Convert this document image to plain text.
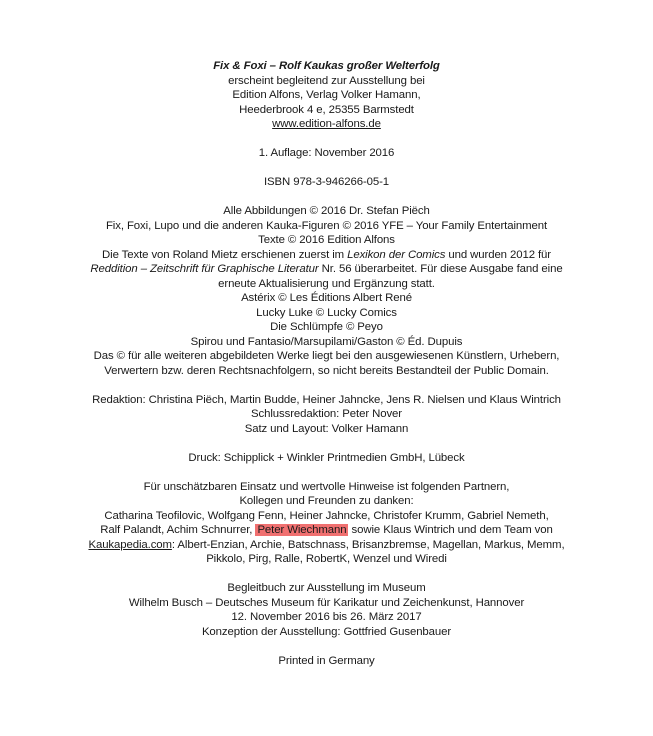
Fix & Foxi – Rolf Kaukas großer Welterfolg
erscheint begleitend zur Ausstellung bei
Edition Alfons, Verlag Volker Hamann,
Heederbrook 4 e, 25355 Barmstedt
www.edition-alfons.de
1. Auflage: November 2016
ISBN 978-3-946266-05-1
Alle Abbildungen © 2016 Dr. Stefan Piëch
Fix, Foxi, Lupo und die anderen Kauka-Figuren © 2016 YFE – Your Family Entertainment
Texte © 2016 Edition Alfons
Die Texte von Roland Mietz erschienen zuerst im Lexikon der Comics und wurden 2012 für
Reddition – Zeitschrift für Graphische Literatur Nr. 56 überarbeitet. Für diese Ausgabe fand eine
erneute Aktualisierung und Ergänzung statt.
Astérix © Les Éditions Albert René
Lucky Luke © Lucky Comics
Die Schlümpfe © Peyo
Spirou und Fantasio/Marsupilami/Gaston © Éd. Dupuis
Das © für alle weiteren abgebildeten Werke liegt bei den ausgewiesenen Künstlern, Urhebern,
Verwertern bzw. deren Rechtsnachfolgern, so nicht bereits Bestandteil der Public Domain.
Redaktion: Christina Piëch, Martin Budde, Heiner Jahncke, Jens R. Nielsen und Klaus Wintrich
Schlussredaktion: Peter Nover
Satz und Layout: Volker Hamann
Druck: Schipplick + Winkler Printmedien GmbH, Lübeck
Für unschätzbaren Einsatz und wertvolle Hinweise ist folgenden Partnern,
Kollegen und Freunden zu danken:
Catharina Teofilovic, Wolfgang Fenn, Heiner Jahncke, Christofer Krumm, Gabriel Nemeth,
Ralf Palandt, Achim Schnurrer, Peter Wiechmann sowie Klaus Wintrich und dem Team von
Kaukapedia.com: Albert-Enzian, Archie, Batschnass, Brisanzbremse, Magellan, Markus, Memm,
Pikkolo, Pirg, Ralle, RobertK, Wenzel und Wiredi
Begleitbuch zur Ausstellung im Museum
Wilhelm Busch – Deutsches Museum für Karikatur und Zeichenkunst, Hannover
12. November 2016 bis 26. März 2017
Konzeption der Ausstellung: Gottfried Gusenbauer
Printed in Germany
